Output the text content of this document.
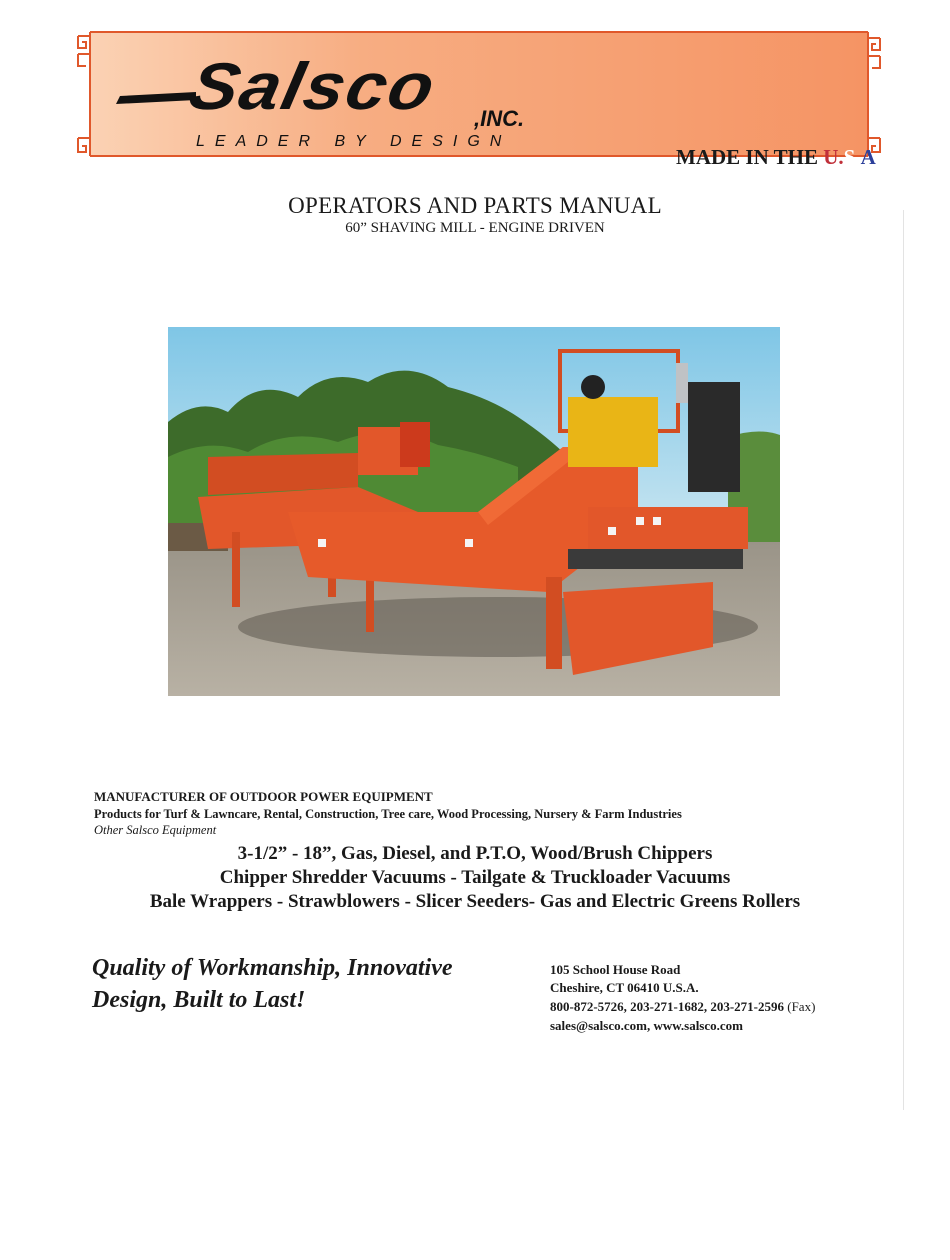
Salsco ,INC.
LEADER BY DESIGN
MADE IN THE U.S.A
OPERATORS AND PARTS MANUAL
60” SHAVING MILL - ENGINE DRIVEN
MANUFACTURER OF OUTDOOR POWER EQUIPMENT
Products for Turf & Lawncare, Rental, Construction, Tree care, Wood Processing, Nursery & Farm Industries
Other Salsco Equipment
3-1/2” - 18”, Gas, Diesel, and P.T.O, Wood/Brush Chippers
Chipper Shredder Vacuums - Tailgate & Truckloader Vacuums
Bale Wrappers - Strawblowers - Slicer Seeders- Gas and Electric Greens Rollers
Quality of Workmanship, Innovative Design, Built to Last!
105 School House Road
Cheshire, CT 06410 U.S.A.
800-872-5726, 203-271-1682, 203-271-2596 (Fax)
sales@salsco.com, www.salsco.com
